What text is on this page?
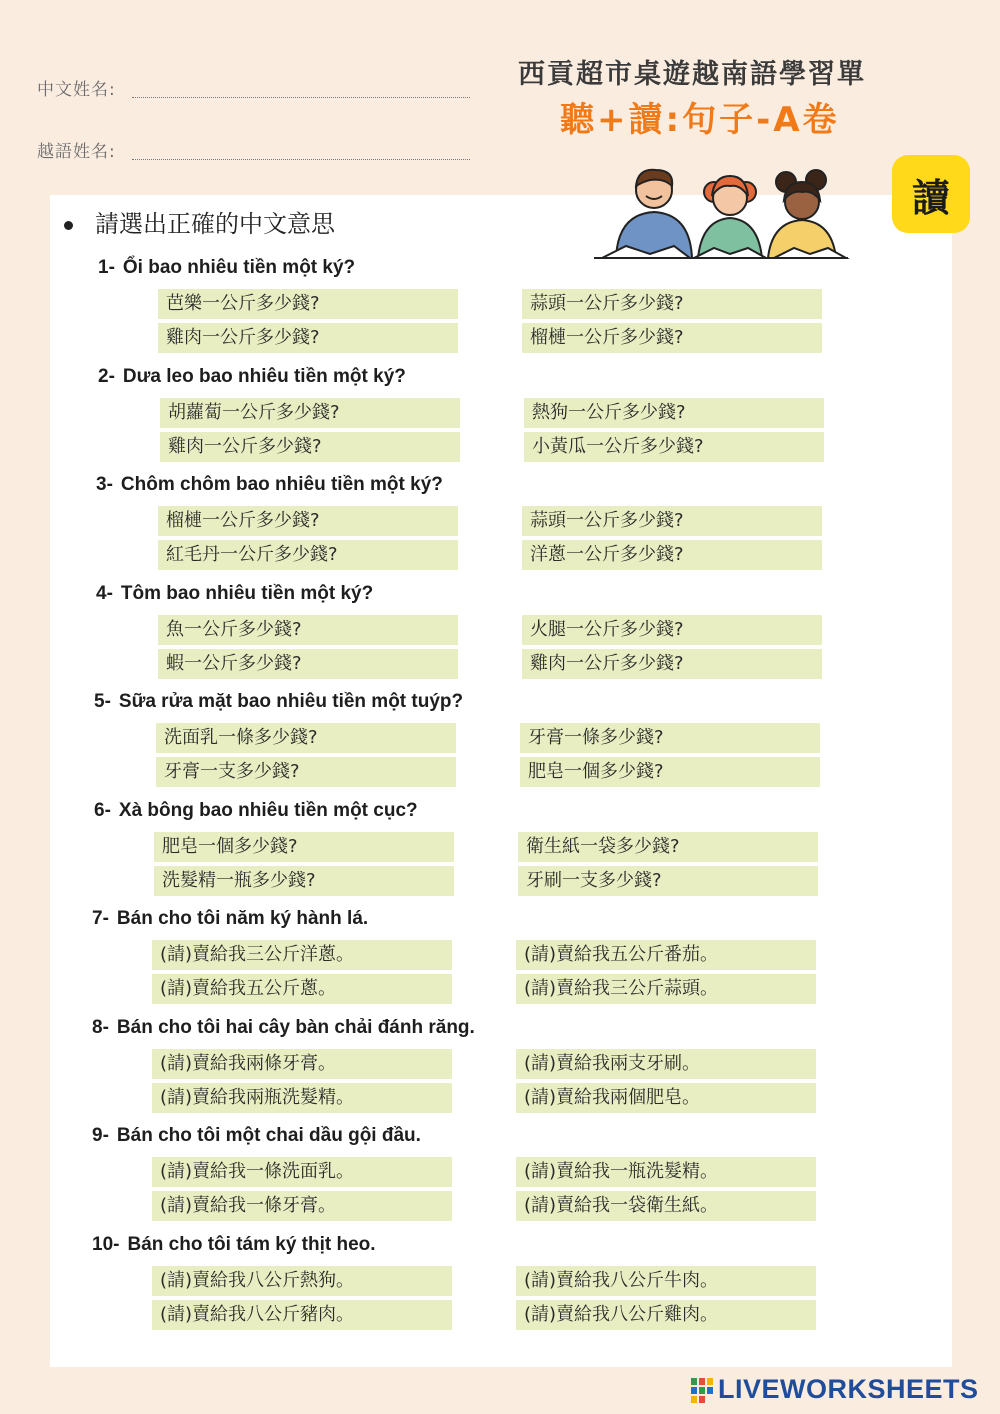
中文姓名:
越語姓名:
西貢超市桌遊越南語學習單
聽+讀:句子-A卷
讀
請選出正確的中文意思
1- Ổi bao nhiêu tiền một ký?
芭樂一公斤多少錢?	蒜頭一公斤多少錢?
雞肉一公斤多少錢?	榴槤一公斤多少錢?
2- Dưa leo bao nhiêu tiền một ký?
胡蘿蔔一公斤多少錢?	熱狗一公斤多少錢?
雞肉一公斤多少錢?	小黃瓜一公斤多少錢?
3- Chôm chôm bao nhiêu tiền một ký?
榴槤一公斤多少錢?	蒜頭一公斤多少錢?
紅毛丹一公斤多少錢?	洋蔥一公斤多少錢?
4- Tôm bao nhiêu tiền một ký?
魚一公斤多少錢?	火腿一公斤多少錢?
蝦一公斤多少錢?	雞肉一公斤多少錢?
5- Sữa rửa mặt bao nhiêu tiền một tuýp?
洗面乳一條多少錢?	牙膏一條多少錢?
牙膏一支多少錢?	肥皂一個多少錢?
6- Xà bông bao nhiêu tiền một cục?
肥皂一個多少錢?	衛生紙一袋多少錢?
洗髮精一瓶多少錢?	牙刷一支多少錢?
7- Bán cho tôi năm ký hành lá.
(請)賣給我三公斤洋蔥。	(請)賣給我五公斤番茄。
(請)賣給我五公斤蔥。	(請)賣給我三公斤蒜頭。
8- Bán cho tôi hai cây bàn chải đánh răng.
(請)賣給我兩條牙膏。	(請)賣給我兩支牙刷。
(請)賣給我兩瓶洗髮精。	(請)賣給我兩個肥皂。
9- Bán cho tôi một chai dầu gội đầu.
(請)賣給我一條洗面乳。	(請)賣給我一瓶洗髮精。
(請)賣給我一條牙膏。	(請)賣給我一袋衛生紙。
10- Bán cho tôi tám ký thịt heo.
(請)賣給我八公斤熱狗。	(請)賣給我八公斤牛肉。
(請)賣給我八公斤豬肉。	(請)賣給我八公斤雞肉。
LIVEWORKSHEETS
